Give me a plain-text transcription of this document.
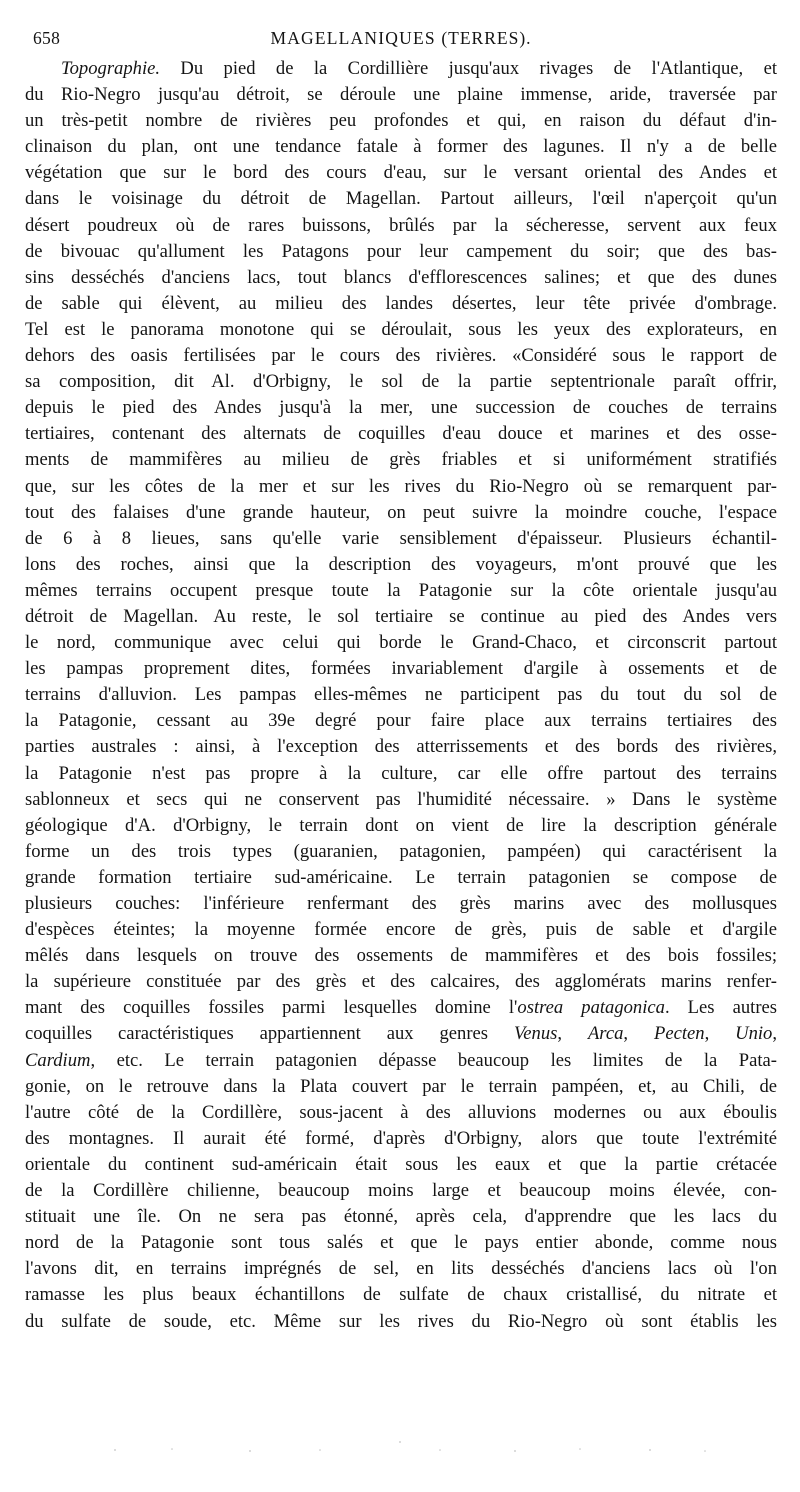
658	MAGELLANIQUES (TERRES).
Topographie. Du pied de la Cordillière jusqu'aux rivages de l'Atlantique, et
du Rio-Negro jusqu'au détroit, se déroule une plaine immense, aride, traversée par
un très-petit nombre de rivières peu profondes et qui, en raison du défaut d'in-
clinaison du plan, ont une tendance fatale à former des lagunes. Il n'y a de belle
végétation que sur le bord des cours d'eau, sur le versant oriental des Andes et
dans le voisinage du détroit de Magellan. Partout ailleurs, l'œil n'aperçoit qu'un
désert poudreux où de rares buissons, brûlés par la sécheresse, servent aux feux
de bivouac qu'allument les Patagons pour leur campement du soir; que des bas-
sins desséchés d'anciens lacs, tout blancs d'efflorescences salines; et que des dunes
de sable qui élèvent, au milieu des landes désertes, leur tête privée d'ombrage.
Tel est le panorama monotone qui se déroulait, sous les yeux des explorateurs, en
dehors des oasis fertilisées par le cours des rivières. «Considéré sous le rapport de
sa composition, dit Al. d'Orbigny, le sol de la partie septentrionale paraît offrir,
depuis le pied des Andes jusqu'à la mer, une succession de couches de terrains
tertiaires, contenant des alternats de coquilles d'eau douce et marines et des osse-
ments de mammifères au milieu de grès friables et si uniformément stratifiés
que, sur les côtes de la mer et sur les rives du Rio-Negro où se remarquent par-
tout des falaises d'une grande hauteur, on peut suivre la moindre couche, l'espace
de 6 à 8 lieues, sans qu'elle varie sensiblement d'épaisseur. Plusieurs échantil-
lons des roches, ainsi que la description des voyageurs, m'ont prouvé que les
mêmes terrains occupent presque toute la Patagonie sur la côte orientale jusqu'au
détroit de Magellan. Au reste, le sol tertiaire se continue au pied des Andes vers
le nord, communique avec celui qui borde le Grand-Chaco, et circonscrit partout
les pampas proprement dites, formées invariablement d'argile à ossements et de
terrains d'alluvion. Les pampas elles-mêmes ne participent pas du tout du sol de
la Patagonie, cessant au 39e degré pour faire place aux terrains tertiaires des
parties australes : ainsi, à l'exception des atterrissements et des bords des rivières,
la Patagonie n'est pas propre à la culture, car elle offre partout des terrains
sablonneux et secs qui ne conservent pas l'humidité nécessaire. » Dans le système
géologique d'A. d'Orbigny, le terrain dont on vient de lire la description générale
forme un des trois types (guaranien, patagonien, pampéen) qui caractérisent la
grande formation tertiaire sud-américaine. Le terrain patagonien se compose de
plusieurs couches: l'inférieure renfermant des grès marins avec des mollusques
d'espèces éteintes; la moyenne formée encore de grès, puis de sable et d'argile
mêlés dans lesquels on trouve des ossements de mammifères et des bois fossiles;
la supérieure constituée par des grès et des calcaires, des agglomérats marins renfer-
mant des coquilles fossiles parmi lesquelles domine l'ostrea patagonica. Les autres
coquilles caractéristiques appartiennent aux genres Venus, Arca, Pecten, Unio,
Cardium, etc. Le terrain patagonien dépasse beaucoup les limites de la Pata-
gonie, on le retrouve dans la Plata couvert par le terrain pampéen, et, au Chili, de
l'autre côté de la Cordillère, sous-jacent à des alluvions modernes ou aux éboulis
des montagnes. Il aurait été formé, d'après d'Orbigny, alors que toute l'extrémité
orientale du continent sud-américain était sous les eaux et que la partie crétacée
de la Cordillère chilienne, beaucoup moins large et beaucoup moins élevée, con-
stituait une île. On ne sera pas étonné, après cela, d'apprendre que les lacs du
nord de la Patagonie sont tous salés et que le pays entier abonde, comme nous
l'avons dit, en terrains imprégnés de sel, en lits desséchés d'anciens lacs où l'on
ramasse les plus beaux échantillons de sulfate de chaux cristallisé, du nitrate et
du sulfate de soude, etc. Même sur les rives du Rio-Negro où sont établis les
